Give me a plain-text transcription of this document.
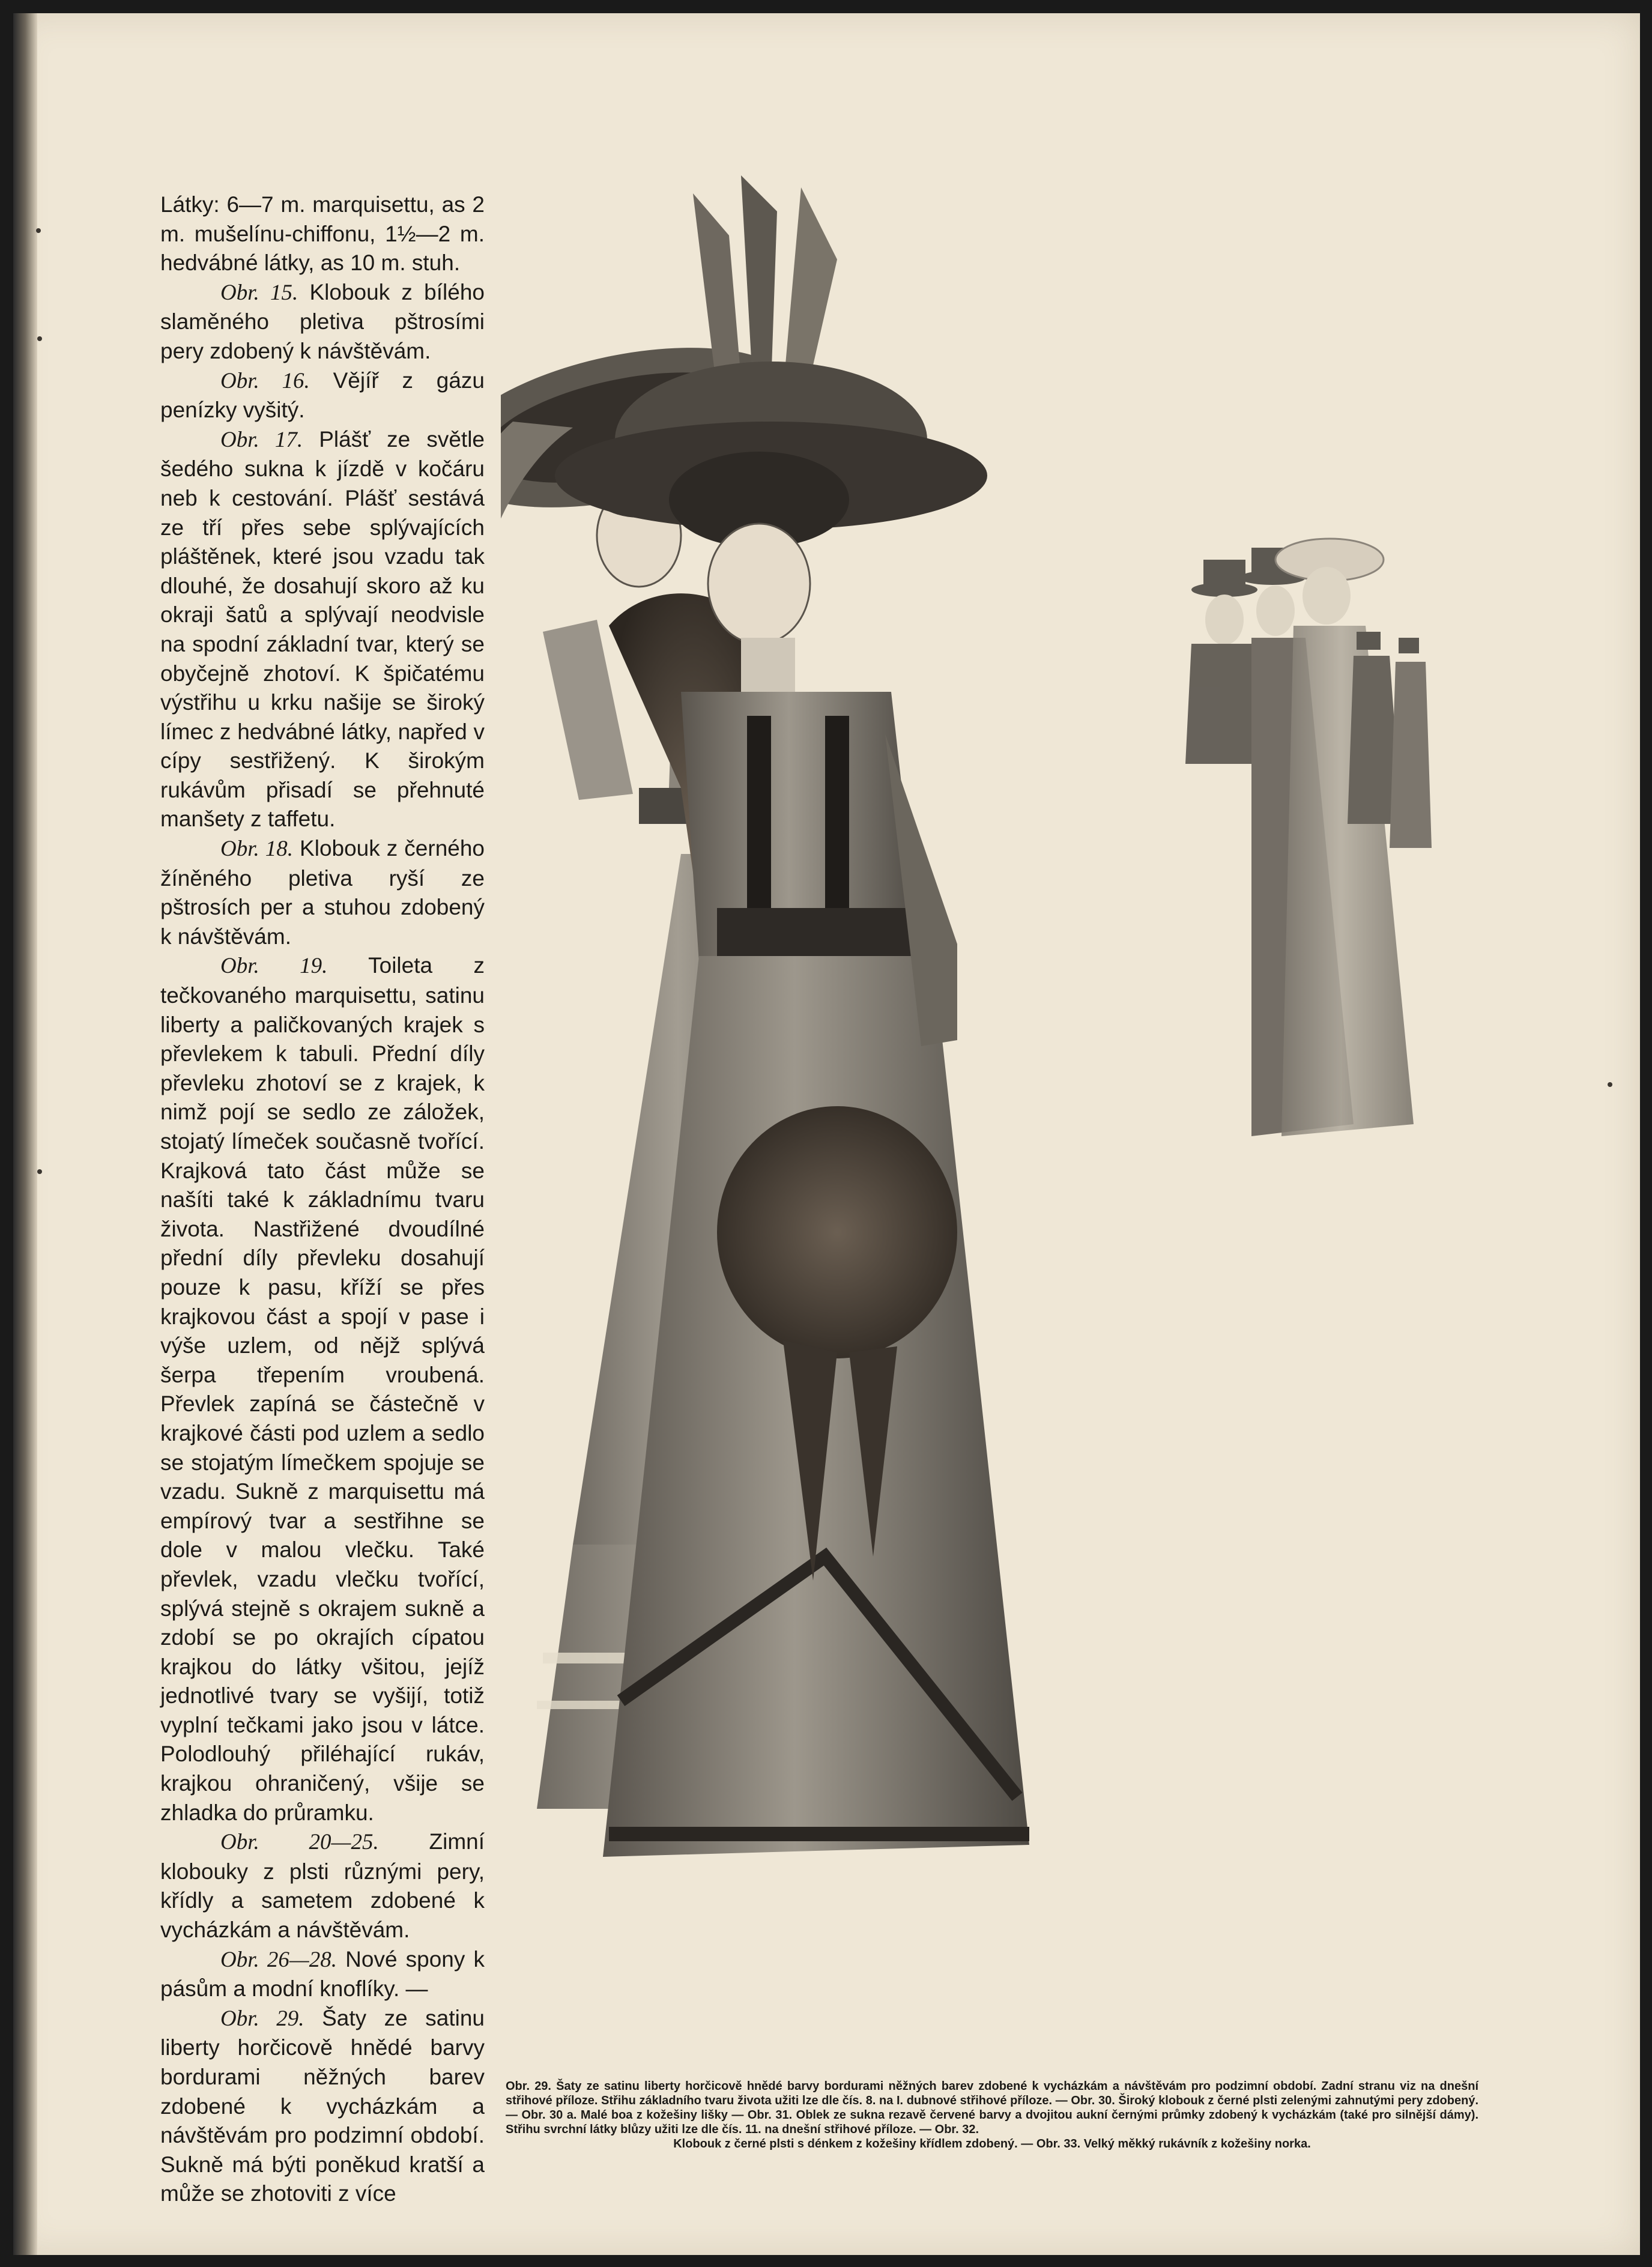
Látky: 6—7 m. marquisettu, as 2 m. mušelínu-chiffonu, 1½—2 m. hedvábné látky, as 10 m. stuh.

Obr. 15. Klobouk z bílého slaměného pletiva pštrosími pery zdobený k návštěvám.

Obr. 16. Vějíř z gázu penízky vyšitý.

Obr. 17. Plášť ze světle šedého sukna k jízdě v kočáru neb k cestování. Plášť sestává ze tří přes sebe splývajících pláštěnek, které jsou vzadu tak dlouhé, že dosahují skoro až ku okraji šatů a splývají neodvisle na spodní základní tvar, který se obyčejně zhotoví. K špičatému výstřihu u krku našije se široký límec z hedvábné látky, napřed v cípy sestřižený. K širokým rukávům přisadí se přehnuté manšety z taffetu.

Obr. 18. Klobouk z černého žíněného pletiva ryší ze pštrosích per a stuhou zdobený k návštěvám.

Obr. 19. Toileta z tečkovaného marquisettu, satinu liberty a paličkovaných krajek s převlekem k tabuli. Přední díly převleku zhotoví se z krajek, k nimž pojí se sedlo ze záložek, stojatý límeček současně tvořící. Krajková tato část může se našíti také k základnímu tvaru života. Nastřižené dvoudílné přední díly převleku dosahují pouze k pasu, kříží se přes krajkovou část a spojí v pase i výše uzlem, od nějž splývá šerpa třepením vroubená. Převlek zapíná se částečně v krajkové části pod uzlem a sedlo se stojatým límečkem spojuje se vzadu. Sukně z marquisettu má empírový tvar a sestřihne se dole v malou vlečku. Také převlek, vzadu vlečku tvořící, splývá stejně s okrajem sukně a zdobí se po okrajích cípatou krajkou do látky všitou, jejíž jednotlivé tvary se vyšijí, totiž vyplní tečkami jako jsou v látce. Polodlouhý přiléhající rukáv, krajkou ohraničený, všije se zhladka do průramku.

Obr. 20—25. Zimní klobouky z plsti různými pery, křídly a sametem zdobené k vycházkám a návštěvám.

Obr. 26—28. Nové spony k pásům a modní knoflíky. —

Obr. 29. Šaty ze satinu liberty horčicově hnědé barvy bordurami něžných barev zdobené k vycházkám a návštěvám pro podzimní období. Sukně má býti poněkud kratší a může se zhotoviti z více

Obr. 29. Šaty ze satinu liberty horčicově hnědé barvy bordurami něžných barev zdobené k vycházkám a návštěvám pro podzimní období. Zadní stranu viz na dnešní střihové příloze. Střihu základního tvaru života užiti lze dle čís. 8. na I. dubnové střihové příloze. — Obr. 30. Široký klobouk z černé plsti zelenými zahnutými pery zdobený. — Obr. 30 a. Malé boa z kožešiny lišky — Obr. 31. Oblek ze sukna rezavě červené barvy a dvojitou aukní černými průmky zdobený k vycházkám (také pro silnější dámy). Střihu svrchní látky blůzy užiti lze dle čís. 11. na dnešní střihové příloze. — Obr. 32.
Klobouk z černé plsti s dénkem z kožešiny křídlem zdobený. — Obr. 33. Velký měkký rukávník z kožešiny norka.
